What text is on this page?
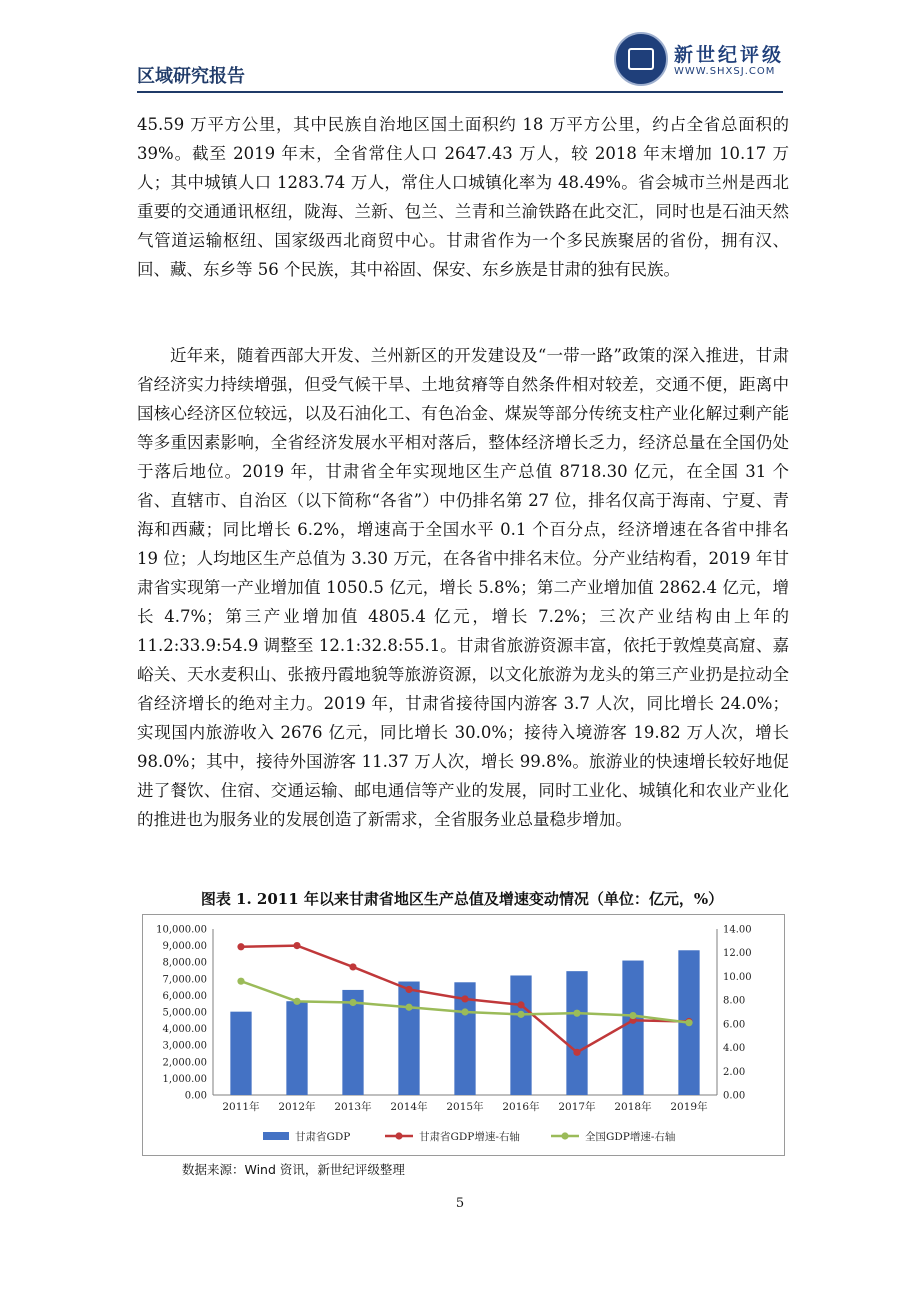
区域研究报告
新世纪评级
WWW.SHXSJ.COM

45.59 万平方公里，其中民族自治地区国土面积约 18 万平方公里，约占全省总面积的 39%。截至 2019 年末，全省常住人口 2647.43 万人，较 2018 年末增加 10.17 万人；其中城镇人口 1283.74 万人，常住人口城镇化率为 48.49%。省会城市兰州是西北重要的交通通讯枢纽，陇海、兰新、包兰、兰青和兰渝铁路在此交汇，同时也是石油天然气管道运输枢纽、国家级西北商贸中心。甘肃省作为一个多民族聚居的省份，拥有汉、回、藏、东乡等 56 个民族，其中裕固、保安、东乡族是甘肃的独有民族。

近年来，随着西部大开发、兰州新区的开发建设及“一带一路”政策的深入推进，甘肃省经济实力持续增强，但受气候干旱、土地贫瘠等自然条件相对较差，交通不便，距离中国核心经济区位较远，以及石油化工、有色冶金、煤炭等部分传统支柱产业化解过剩产能等多重因素影响，全省经济发展水平相对落后，整体经济增长乏力，经济总量在全国仍处于落后地位。2019 年，甘肃省全年实现地区生产总值 8718.30 亿元，在全国 31 个省、直辖市、自治区（以下简称“各省”）中仍排名第 27 位，排名仅高于海南、宁夏、青海和西藏；同比增长 6.2%，增速高于全国水平 0.1 个百分点，经济增速在各省中排名 19 位；人均地区生产总值为 3.30 万元，在各省中排名末位。分产业结构看，2019 年甘肃省实现第一产业增加值 1050.5 亿元，增长 5.8%；第二产业增加值 2862.4 亿元，增长 4.7%；第三产业增加值 4805.4 亿元，增长 7.2%；三次产业结构由上年的 11.2:33.9:54.9 调整至 12.1:32.8:55.1。甘肃省旅游资源丰富，依托于敦煌莫高窟、嘉峪关、天水麦积山、张掖丹霞地貌等旅游资源，以文化旅游为龙头的第三产业扔是拉动全省经济增长的绝对主力。2019 年，甘肃省接待国内游客 3.7 人次，同比增长 24.0%；实现国内旅游收入 2676 亿元，同比增长 30.0%；接待入境游客 19.82 万人次，增长 98.0%；其中，接待外国游客 11.37 万人次，增长 99.8%。旅游业的快速增长较好地促进了餐饮、住宿、交通运输、邮电通信等产业的发展，同时工业化、城镇化和农业产业化的推进也为服务业的发展创造了新需求，全省服务业总量稳步增加。

图表 1. 2011 年以来甘肃省地区生产总值及增速变动情况（单位：亿元，%）
0.00
1,000.00
2,000.00
3,000.00
4,000.00
5,000.00
6,000.00
7,000.00
8,000.00
9,000.00
10,000.00
0.00
2.00
4.00
6.00
8.00
10.00
12.00
14.00
2011年 2012年 2013年 2014年 2015年 2016年 2017年 2018年 2019年
甘肃省GDP	甘肃省GDP增速-右轴	全国GDP增速-右轴
数据来源：Wind 资讯，新世纪评级整理
5
